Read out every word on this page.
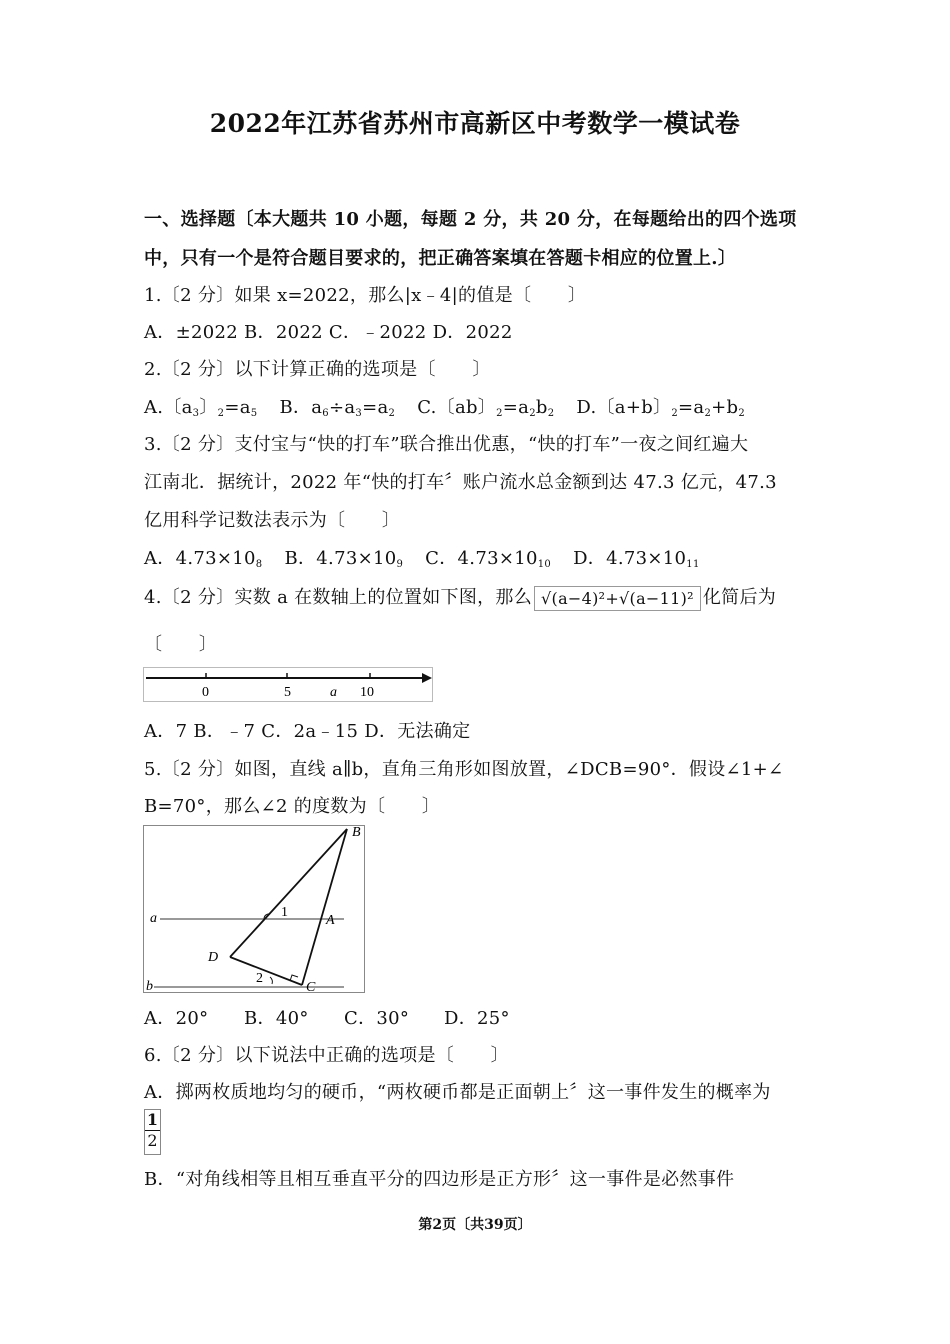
2022年江苏省苏州市高新区中考数学一模试卷
一、选择题〔本大题共 10 小题，每题 2 分，共 20 分，在每题给出的四个选项
中，只有一个是符合题目要求的，把正确答案填在答题卡相应的位置上.〕
1.〔2 分〕如果 x=2022，那么|x﹣4|的值是〔　　〕
A．±2022 B．2022 C．﹣2022 D．2022
2.〔2 分〕以下计算正确的选项是〔　　〕
A.〔$a_3$〕$_2=a_5$ B．$a_6\div a_3=a_2$ C.〔ab〕$_2=a_2b_2$ D.〔a+b〕$_2=a_2+b_2$
3.〔2 分〕支付宝与“快的打车”联合推出优惠，“快的打车”一夜之间红遍大
江南北．据统计，2022 年“快的打车〞账户流水总金额到达 47.3 亿元，47.3
亿用科学记数法表示为〔　　〕
A．$4.73\times 10_8$ B．$4.73\times 10_9$ C．$4.73\times 10_{10}$ D．$4.73\times 10_{11}$
4.〔2 分〕实数 a 在数轴上的位置如下图，那么 √(a−4)²+√(a−11)² 化简后为
〔　　〕
0	5	a 10
A．7 B．﹣7 C．2a﹣15 D．无法确定
5.〔2 分〕如图，直线 a∥b，直角三角形如图放置，∠DCB=90°．假设∠1+∠
B=70°，那么∠2 的度数为〔　　〕
B
a	1
A
D
2
b	C
A．20° B．40° C．30° D．25°
6.〔2 分〕以下说法中正确的选项是〔　　〕
A．掷两枚质地均匀的硬币，“两枚硬币都是正面朝上〞这一事件发生的概率为
$\frac{1}{2}$
B．“对角线相等且相互垂直平分的四边形是正方形〞这一事件是必然事件
第2页〔共39页〕
